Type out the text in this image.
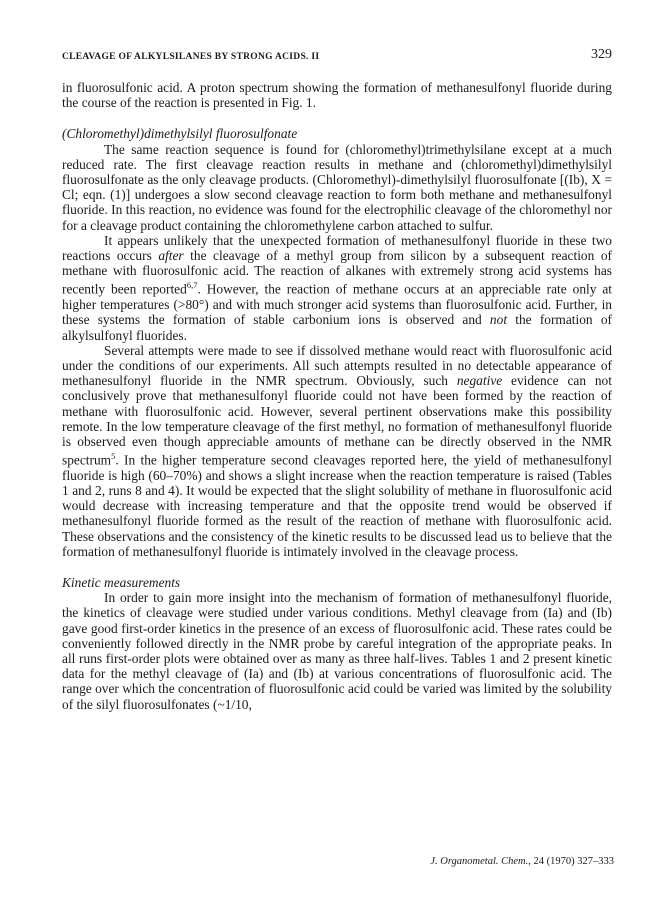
CLEAVAGE OF ALKYLSILANES BY STRONG ACIDS. II	329

in fluorosulfonic acid. A proton spectrum showing the formation of methanesulfonyl fluoride during the course of the reaction is presented in Fig. 1.

(Chloromethyl)dimethylsilyl fluorosulfonate

The same reaction sequence is found for (chloromethyl)trimethylsilane except at a much reduced rate. The first cleavage reaction results in methane and (chloromethyl)dimethylsilyl fluorosulfonate as the only cleavage products. (Chloromethyl)-dimethylsilyl fluorosulfonate [(Ib), X = Cl; eqn. (1)] undergoes a slow second cleavage reaction to form both methane and methanesulfonyl fluoride. In this reaction, no evidence was found for the electrophilic cleavage of the chloromethyl nor for a cleavage product containing the chloromethylene carbon attached to sulfur.

It appears unlikely that the unexpected formation of methanesulfonyl fluoride in these two reactions occurs after the cleavage of a methyl group from silicon by a subsequent reaction of methane with fluorosulfonic acid. The reaction of alkanes with extremely strong acid systems has recently been reported$^{6,7}$. However, the reaction of methane occurs at an appreciable rate only at higher temperatures (>80°) and with much stronger acid systems than fluorosulfonic acid. Further, in these systems the formation of stable carbonium ions is observed and not the formation of alkylsulfonyl fluorides.

Several attempts were made to see if dissolved methane would react with fluorosulfonic acid under the conditions of our experiments. All such attempts resulted in no detectable appearance of methanesulfonyl fluoride in the NMR spectrum. Obviously, such negative evidence can not conclusively prove that methanesulfonyl fluoride could not have been formed by the reaction of methane with fluorosulfonic acid. However, several pertinent observations make this possibility remote. In the low temperature cleavage of the first methyl, no formation of methanesulfonyl fluoride is observed even though appreciable amounts of methane can be directly observed in the NMR spectrum$^5$. In the higher temperature second cleavages reported here, the yield of methanesulfonyl fluoride is high (60–70%) and shows a slight increase when the reaction temperature is raised (Tables 1 and 2, runs 8 and 4). It would be expected that the slight solubility of methane in fluorosulfonic acid would decrease with increasing temperature and that the opposite trend would be observed if methanesulfonyl fluoride formed as the result of the reaction of methane with fluorosulfonic acid. These observations and the consistency of the kinetic results to be discussed lead us to believe that the formation of methanesulfonyl fluoride is intimately involved in the cleavage process.

Kinetic measurements

In order to gain more insight into the mechanism of formation of methanesulfonyl fluoride, the kinetics of cleavage were studied under various conditions. Methyl cleavage from (Ia) and (Ib) gave good first-order kinetics in the presence of an excess of fluorosulfonic acid. These rates could be conveniently followed directly in the NMR probe by careful integration of the appropriate peaks. In all runs first-order plots were obtained over as many as three half-lives. Tables 1 and 2 present kinetic data for the methyl cleavage of (Ia) and (Ib) at various concentrations of fluorosulfonic acid. The range over which the concentration of fluorosulfonic acid could be varied was limited by the solubility of the silyl fluorosulfonates (~1/10,

J. Organometal. Chem., 24 (1970) 327–333
